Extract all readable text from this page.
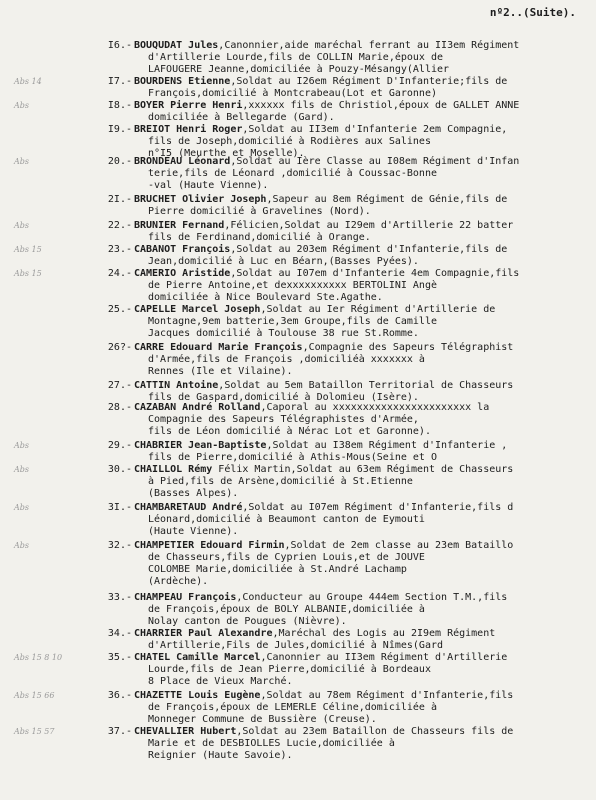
nº2..(Suite).
I6.- BOUQUDAT Jules,Canonnier,aide maréchal ferrant au II3em Régiment
d'Artillerie Lourde,fils de COLLIN Marie,époux de
LAFOUGERE Jeanne,domiciliée à Pouzy-Mésangy(Allier
Abs 14	I7.- BOURDENS Etienne,Soldat au I26em Régiment D'Infanterie;fils de
François,domicilié à Montcrabeau(Lot et Garonne)
Abs	I8.- BOYER Pierre Henri,xxxxxx fils de Christiol,époux de GALLET ANNE
domiciliée à Bellegarde (Gard).
I9.- BREIOT Henri Roger,Soldat au II3em d'Infanterie 2em Compagnie,
fils de Joseph,domicilié à Rodières aux Salines
n°I5 (Meurthe et Moselle).
Abs	20.- BRONDEAU Léonard,Soldat au Ière Classe au I08em Régiment d'Infan
terie,fils de Léonard ,domicilié à Coussac-Bonne
-val (Haute Vienne).
2I.- BRUCHET Olivier Joseph,Sapeur au 8em Régiment de Génie,fils de
Pierre domicilié à Gravelines (Nord).
Abs	22.- BRUNIER Fernand,Félicien,Soldat au I29em d'Artillerie 22 batter
fils de Ferdinand,domicilié à Orange.
Abs 15	23.- CABANOT François,Soldat au 203em Régiment d'Infanterie,fils de
Jean,domicilié à Luc en Béarn,(Basses Pyées).
Abs 15	24.- CAMERIO Aristide,Soldat au I07em d'Infanterie 4em Compagnie,fils
de Pierre Antoine,et dexxxxxxxxxx BERTOLINI Angè
domiciliée à Nice Boulevard Ste.Agathe.
25.- CAPELLE Marcel Joseph,Soldat au Ier Régiment d'Artillerie de
Montagne,9em batterie,3em Groupe,fils de Camille
Jacques domicilié à Toulouse 38 rue St.Romme.
26?- CARRE Edouard Marie François,Compagnie des Sapeurs Télégraphist
d'Armée,fils de François ,domiciliéà xxxxxxx à
Rennes (Ile et Vilaine).
27.- CATTIN Antoine,Soldat au 5em Bataillon Territorial de Chasseurs
fils de Gaspard,domicilié à Dolomieu (Isère).
28.- CAZABAN André Rolland,Caporal au xxxxxxxxxxxxxxxxxxxxxxx la
Compagnie des Sapeurs Télégraphistes d'Armée,
fils de Léon domicilié à Nérac Lot et Garonne).
Abs	29.- CHABRIER Jean-Baptiste,Soldat au I38em Régiment d'Infanterie ,
fils de Pierre,domicilié à Athis-Mous(Seine et O
Abs	30.- CHAILLOL Rémy Félix Martin,Soldat au 63em Régiment de Chasseurs
à Pied,fils de Arsène,domicilié à St.Etienne
(Basses Alpes).
Abs	3I.- CHAMBARETAUD André,Soldat au I07em Régiment d'Infanterie,fils d
Léonard,domicilié à Beaumont canton de Eymouti
(Haute Vienne).
Abs	32.- CHAMPETIER Edouard Firmin,Soldat de 2em classe au 23em Bataillo
de Chasseurs,fils de Cyprien Louis,et de JOUVE
COLOMBE Marie,domiciliée à St.André Lachamp
(Ardèche).
33.- CHAMPEAU François,Conducteur au Groupe 444em Section T.M.,fils
de François,époux de BOLY ALBANIE,domiciliée à
Nolay canton de Pougues (Nièvre).
34.- CHARRIER Paul Alexandre,Maréchal des Logis au 2I9em Régiment
d'Artillerie,Fils de Jules,domicilié à Nîmes(Gard
Abs 15 8 10	35.- CHATEL Camille Marcel,Canonnier au II3em Régiment d'Artillerie
Lourde,fils de Jean Pierre,domicilié à Bordeaux
8 Place de Vieux Marché.
Abs 15 66	36.- CHAZETTE Louis Eugène,Soldat au 78em Régiment d'Infanterie,fils
de François,époux de LEMERLE Céline,domiciliée à
Monneger Commune de Bussière (Creuse).
Abs 15 57	37.- CHEVALLIER Hubert,Soldat au 23em Bataillon de Chasseurs fils de
Marie et de DESBIOLLES Lucie,domiciliée à
Reignier (Haute Savoie).
